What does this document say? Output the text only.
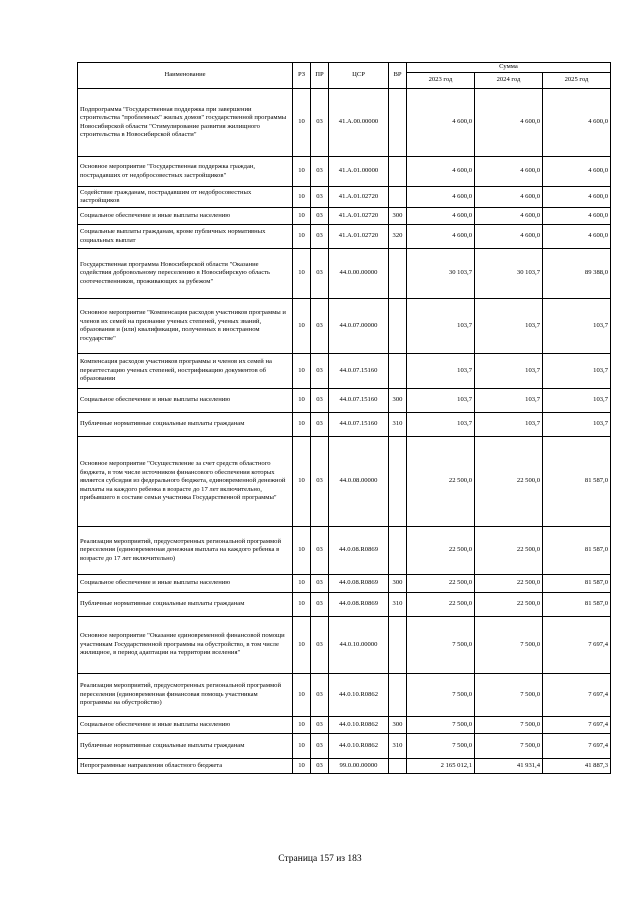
Наименование	РЗ	ПР	ЦСР	ВР	Сумма		
					2023 год	2024 год	2025 год
Подпрограмма "Государственная поддержка при завершении строительства "проблемных" жилых домов" государственной программы Новосибирской области "Стимулирование развития жилищного строительства в Новосибирской области"	10	03	41.А.00.00000		4 600,0	4 600,0	4 600,0
Основное мероприятие "Государственная поддержка граждан, пострадавших от недобросовестных застройщиков"	10	03	41.А.01.00000		4 600,0	4 600,0	4 600,0
Содействие гражданам, пострадавшим от недобросовестных застройщиков	10	03	41.А.01.02720		4 600,0	4 600,0	4 600,0
Социальное обеспечение и иные выплаты населению	10	03	41.А.01.02720	300	4 600,0	4 600,0	4 600,0
Социальные выплаты гражданам, кроме публичных нормативных социальных выплат	10	03	41.А.01.02720	320	4 600,0	4 600,0	4 600,0
Государственная программа Новосибирской области "Оказание содействия добровольному переселению в Новосибирскую область соотечественников, проживающих за рубежом"	10	03	44.0.00.00000		30 103,7	30 103,7	89 388,0
Основное мероприятие "Компенсация расходов участников программы и членов их семей на признание ученых степеней, ученых званий, образования и (или) квалификации, полученных в иностранном государстве"	10	03	44.0.07.00000		103,7	103,7	103,7
Компенсация расходов участников программы и членов их семей на переаттестацию ученых степеней, нострификацию документов об образовании	10	03	44.0.07.15160		103,7	103,7	103,7
Социальное обеспечение и иные выплаты населению	10	03	44.0.07.15160	300	103,7	103,7	103,7
Публичные нормативные социальные выплаты гражданам	10	03	44.0.07.15160	310	103,7	103,7	103,7
Основное мероприятие "Осуществление за счет средств областного бюджета, в том числе источником финансового обеспечения которых является субсидия из федерального бюджета, единовременной денежной выплаты на каждого ребенка в возрасте до 17 лет включительно, прибывшего в составе семьи участника Государственной программы"	10	03	44.0.08.00000		22 500,0	22 500,0	81 587,0
Реализация мероприятий, предусмотренных региональной программой переселения (единовременная денежная выплата на каждого ребенка в возрасте до 17 лет включительно)	10	03	44.0.08.R0869		22 500,0	22 500,0	81 587,0
Социальное обеспечение и иные выплаты населению	10	03	44.0.08.R0869	300	22 500,0	22 500,0	81 587,0
Публичные нормативные социальные выплаты гражданам	10	03	44.0.08.R0869	310	22 500,0	22 500,0	81 587,0
Основное мероприятие "Оказание единовременной финансовой помощи участникам Государственной программы на обустройство, в том числе жилищное, в период адаптации на территории вселения"	10	03	44.0.10.00000		7 500,0	7 500,0	7 697,4
Реализация мероприятий, предусмотренных региональной программой переселения (единовременная финансовая помощь участникам программы на обустройство)	10	03	44.0.10.R0862		7 500,0	7 500,0	7 697,4
Социальное обеспечение и иные выплаты населению	10	03	44.0.10.R0862	300	7 500,0	7 500,0	7 697,4
Публичные нормативные социальные выплаты гражданам	10	03	44.0.10.R0862	310	7 500,0	7 500,0	7 697,4
Непрограммные направления областного бюджета	10	03	99.0.00.00000		2 165 012,1	41 931,4	41 887,3
Страница 157 из 183
